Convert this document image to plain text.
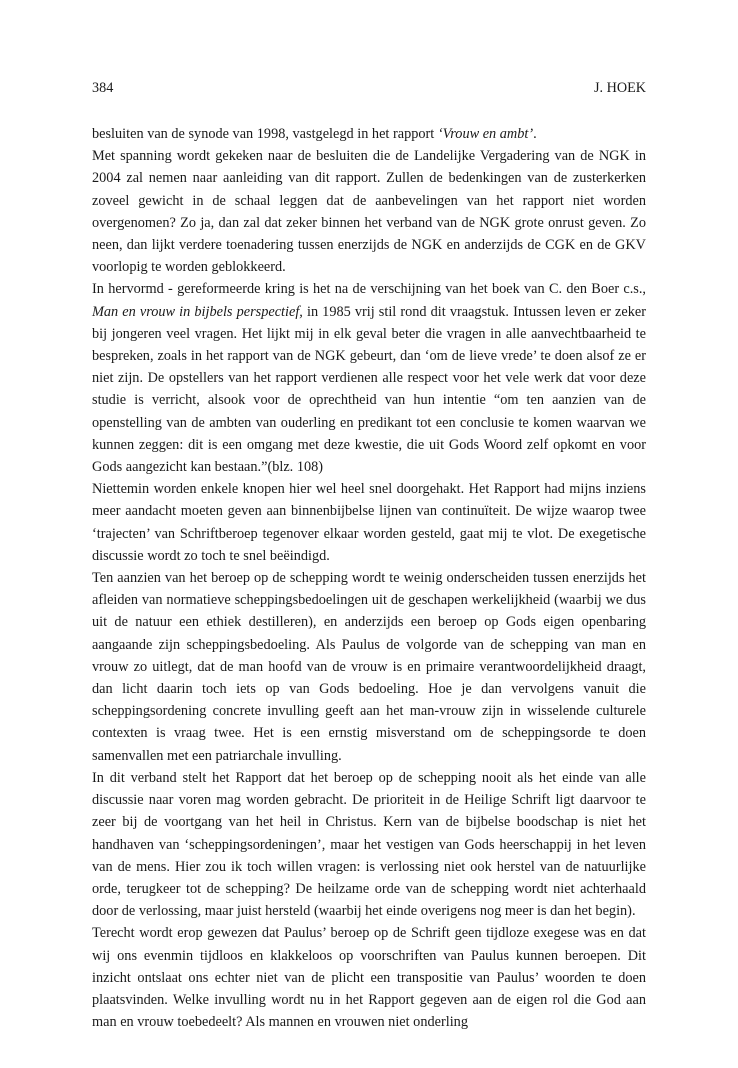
384	J. HOEK

besluiten van de synode van 1998, vastgelegd in het rapport ‘Vrouw en ambt’.

Met spanning wordt gekeken naar de besluiten die de Landelijke Vergadering van de NGK in 2004 zal nemen naar aanleiding van dit rapport. Zullen de bedenkingen van de zusterkerken zoveel gewicht in de schaal leggen dat de aanbevelingen van het rapport niet worden overgenomen? Zo ja, dan zal dat zeker binnen het verband van de NGK grote onrust geven. Zo neen, dan lijkt verdere toenadering tussen enerzijds de NGK en anderzijds de CGK en de GKV voorlopig te worden geblokkeerd.

In hervormd - gereformeerde kring is het na de verschijning van het boek van C. den Boer c.s., Man en vrouw in bijbels perspectief, in 1985 vrij stil rond dit vraagstuk. Intussen leven er zeker bij jongeren veel vragen. Het lijkt mij in elk geval beter die vragen in alle aanvechtbaarheid te bespreken, zoals in het rapport van de NGK gebeurt, dan ‘om de lieve vrede’ te doen alsof ze er niet zijn. De opstellers van het rapport verdienen alle respect voor het vele werk dat voor deze studie is verricht, alsook voor de oprechtheid van hun intentie “om ten aanzien van de openstelling van de ambten van ouderling en predikant tot een conclusie te komen waarvan we kunnen zeggen: dit is een omgang met deze kwestie, die uit Gods Woord zelf opkomt en voor Gods aangezicht kan bestaan.”(blz. 108)

Niettemin worden enkele knopen hier wel heel snel doorgehakt. Het Rapport had mijns inziens meer aandacht moeten geven aan binnenbijbelse lijnen van continuïteit. De wijze waarop twee ‘trajecten’ van Schriftberoep tegenover elkaar worden gesteld, gaat mij te vlot. De exegetische discussie wordt zo toch te snel beëindigd.

Ten aanzien van het beroep op de schepping wordt te weinig onderscheiden tussen enerzijds het afleiden van normatieve scheppingsbedoelingen uit de geschapen werkelijkheid (waarbij we dus uit de natuur een ethiek destilleren), en anderzijds een beroep op Gods eigen openbaring aangaande zijn scheppingsbedoeling. Als Paulus de volgorde van de schepping van man en vrouw zo uitlegt, dat de man hoofd van de vrouw is en primaire verantwoordelijkheid draagt, dan licht daarin toch iets op van Gods bedoeling. Hoe je dan vervolgens vanuit die scheppingsordening concrete invulling geeft aan het man-vrouw zijn in wisselende culturele contexten is vraag twee. Het is een ernstig misverstand om de scheppingsorde te doen samenvallen met een patriarchale invulling.

In dit verband stelt het Rapport dat het beroep op de schepping nooit als het einde van alle discussie naar voren mag worden gebracht. De prioriteit in de Heilige Schrift ligt daarvoor te zeer bij de voortgang van het heil in Christus. Kern van de bijbelse boodschap is niet het handhaven van ‘scheppingsordeningen’, maar het vestigen van Gods heerschappij in het leven van de mens. Hier zou ik toch willen vragen: is verlossing niet ook herstel van de natuurlijke orde, terugkeer tot de schepping? De heilzame orde van de schepping wordt niet achterhaald door de verlossing, maar juist hersteld (waarbij het einde overigens nog meer is dan het begin).

Terecht wordt erop gewezen dat Paulus’ beroep op de Schrift geen tijdloze exegese was en dat wij ons evenmin tijdloos en klakkeloos op voorschriften van Paulus kunnen beroepen. Dit inzicht ontslaat ons echter niet van de plicht een transpositie van Paulus’ woorden te doen plaatsvinden. Welke invulling wordt nu in het Rapport gegeven aan de eigen rol die God aan man en vrouw toebedeelt? Als mannen en vrouwen niet onderling
